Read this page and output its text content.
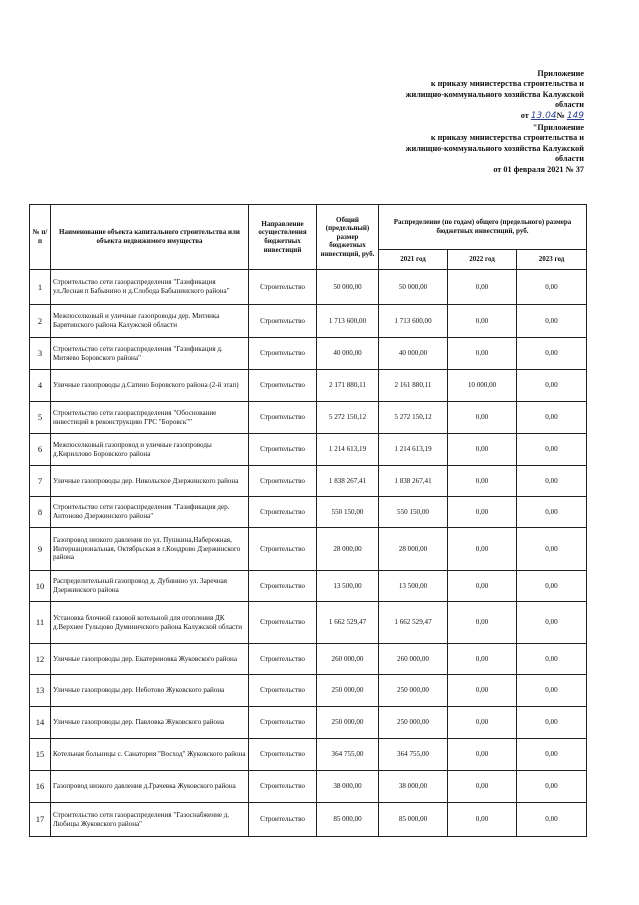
Приложение
к приказу министерства строительства и
жилищно-коммунального хозяйства Калужской
области
от 13.04№ 149
"Приложение
к приказу министерства строительства и
жилищно-коммунального хозяйства Калужской
области
от 01 февраля 2021 № 37
№ п/п	Наименование объекта капитального строительства или объекта недвижимого имущества	Направление осуществления бюджетных инвестиций	Общий (предельный) размер бюджетных инвестиций, руб.	Распределение (по годам) общего (предельного) размера бюджетных инвестиций, руб.		
				2021 год	2022 год	2023 год
1	Строительство сети газораспределения "Газификация ул.Лесная п Бабынино и д.Слобода Бабынинского района"	Строительство	50 000,00	50 000,00	0,00	0,00
2	Межпоселковый и уличные газопроводы дер. Митинка Барятинского района Калужской области	Строительство	1 713 600,00	1 713 600,00	0,00	0,00
3	Строительство сети газораспределения "Газификация д. Митяево Боровского района"	Строительство	40 000,00	40 000,00	0,00	0,00
4	Уличные газопроводы д.Сатино Боровского района (2-й этап)	Строительство	2 171 880,11	2 161 880,11	10 000,00	0,00
5	Строительство сети газораспределения "Обоснование инвестиций в реконструкцию ГРС "Боровск""	Строительство	5 272 150,12	5 272 150,12	0,00	0,00
6	Межпоселковый газопровод и уличные газопроводы д.Кириллово Боровского района	Строительство	1 214 613,19	1 214 613,19	0,00	0,00
7	Уличные газопроводы дер. Никольское Дзержинского района	Строительство	1 838 267,41	1 838 267,41	0,00	0,00
8	Строительство сети газораспределения "Газификация дер. Антоново Дзержинского района"	Строительство	550 150,00	550 150,00	0,00	0,00
9	Газопровод низкого давления по ул. Пушкина,Набережная, Интернациональная, Октябрьская в г.Кондрово Дзержинского района	Строительство	28 000,00	28 000,00	0,00	0,00
10	Распределительный газопровод д. Дубинино ул. Заречная Дзержинского района	Строительство	13 500,00	13 500,00	0,00	0,00
11	Установка блочной газовой котельной для отопления ДК д.Верхнее Гульцово Думиничского района Калужской области	Строительство	1 662 529,47	1 662 529,47	0,00	0,00
12	Уличные газопроводы дер. Екатериновка Жуковского района	Строительство	260 000,00	260 000,00	0,00	0,00
13	Уличные газопроводы дер. Неботово Жуковского района	Строительство	250 000,00	250 000,00	0,00	0,00
14	Уличные газопроводы дер. Павловка Жуковского района	Строительство	250 000,00	250 000,00	0,00	0,00
15	Котельная больницы с. Санатория "Восход" Жуковского района	Строительство	364 755,00	364 755,00	0,00	0,00
16	Газопровод низкого давления д.Грачевка Жуковского района	Строительство	38 000,00	38 000,00	0,00	0,00
17	Строительство сети газораспределения "Газоснабжение д. Любицы Жуковского района"	Строительство	85 000,00	85 000,00	0,00	0,00
